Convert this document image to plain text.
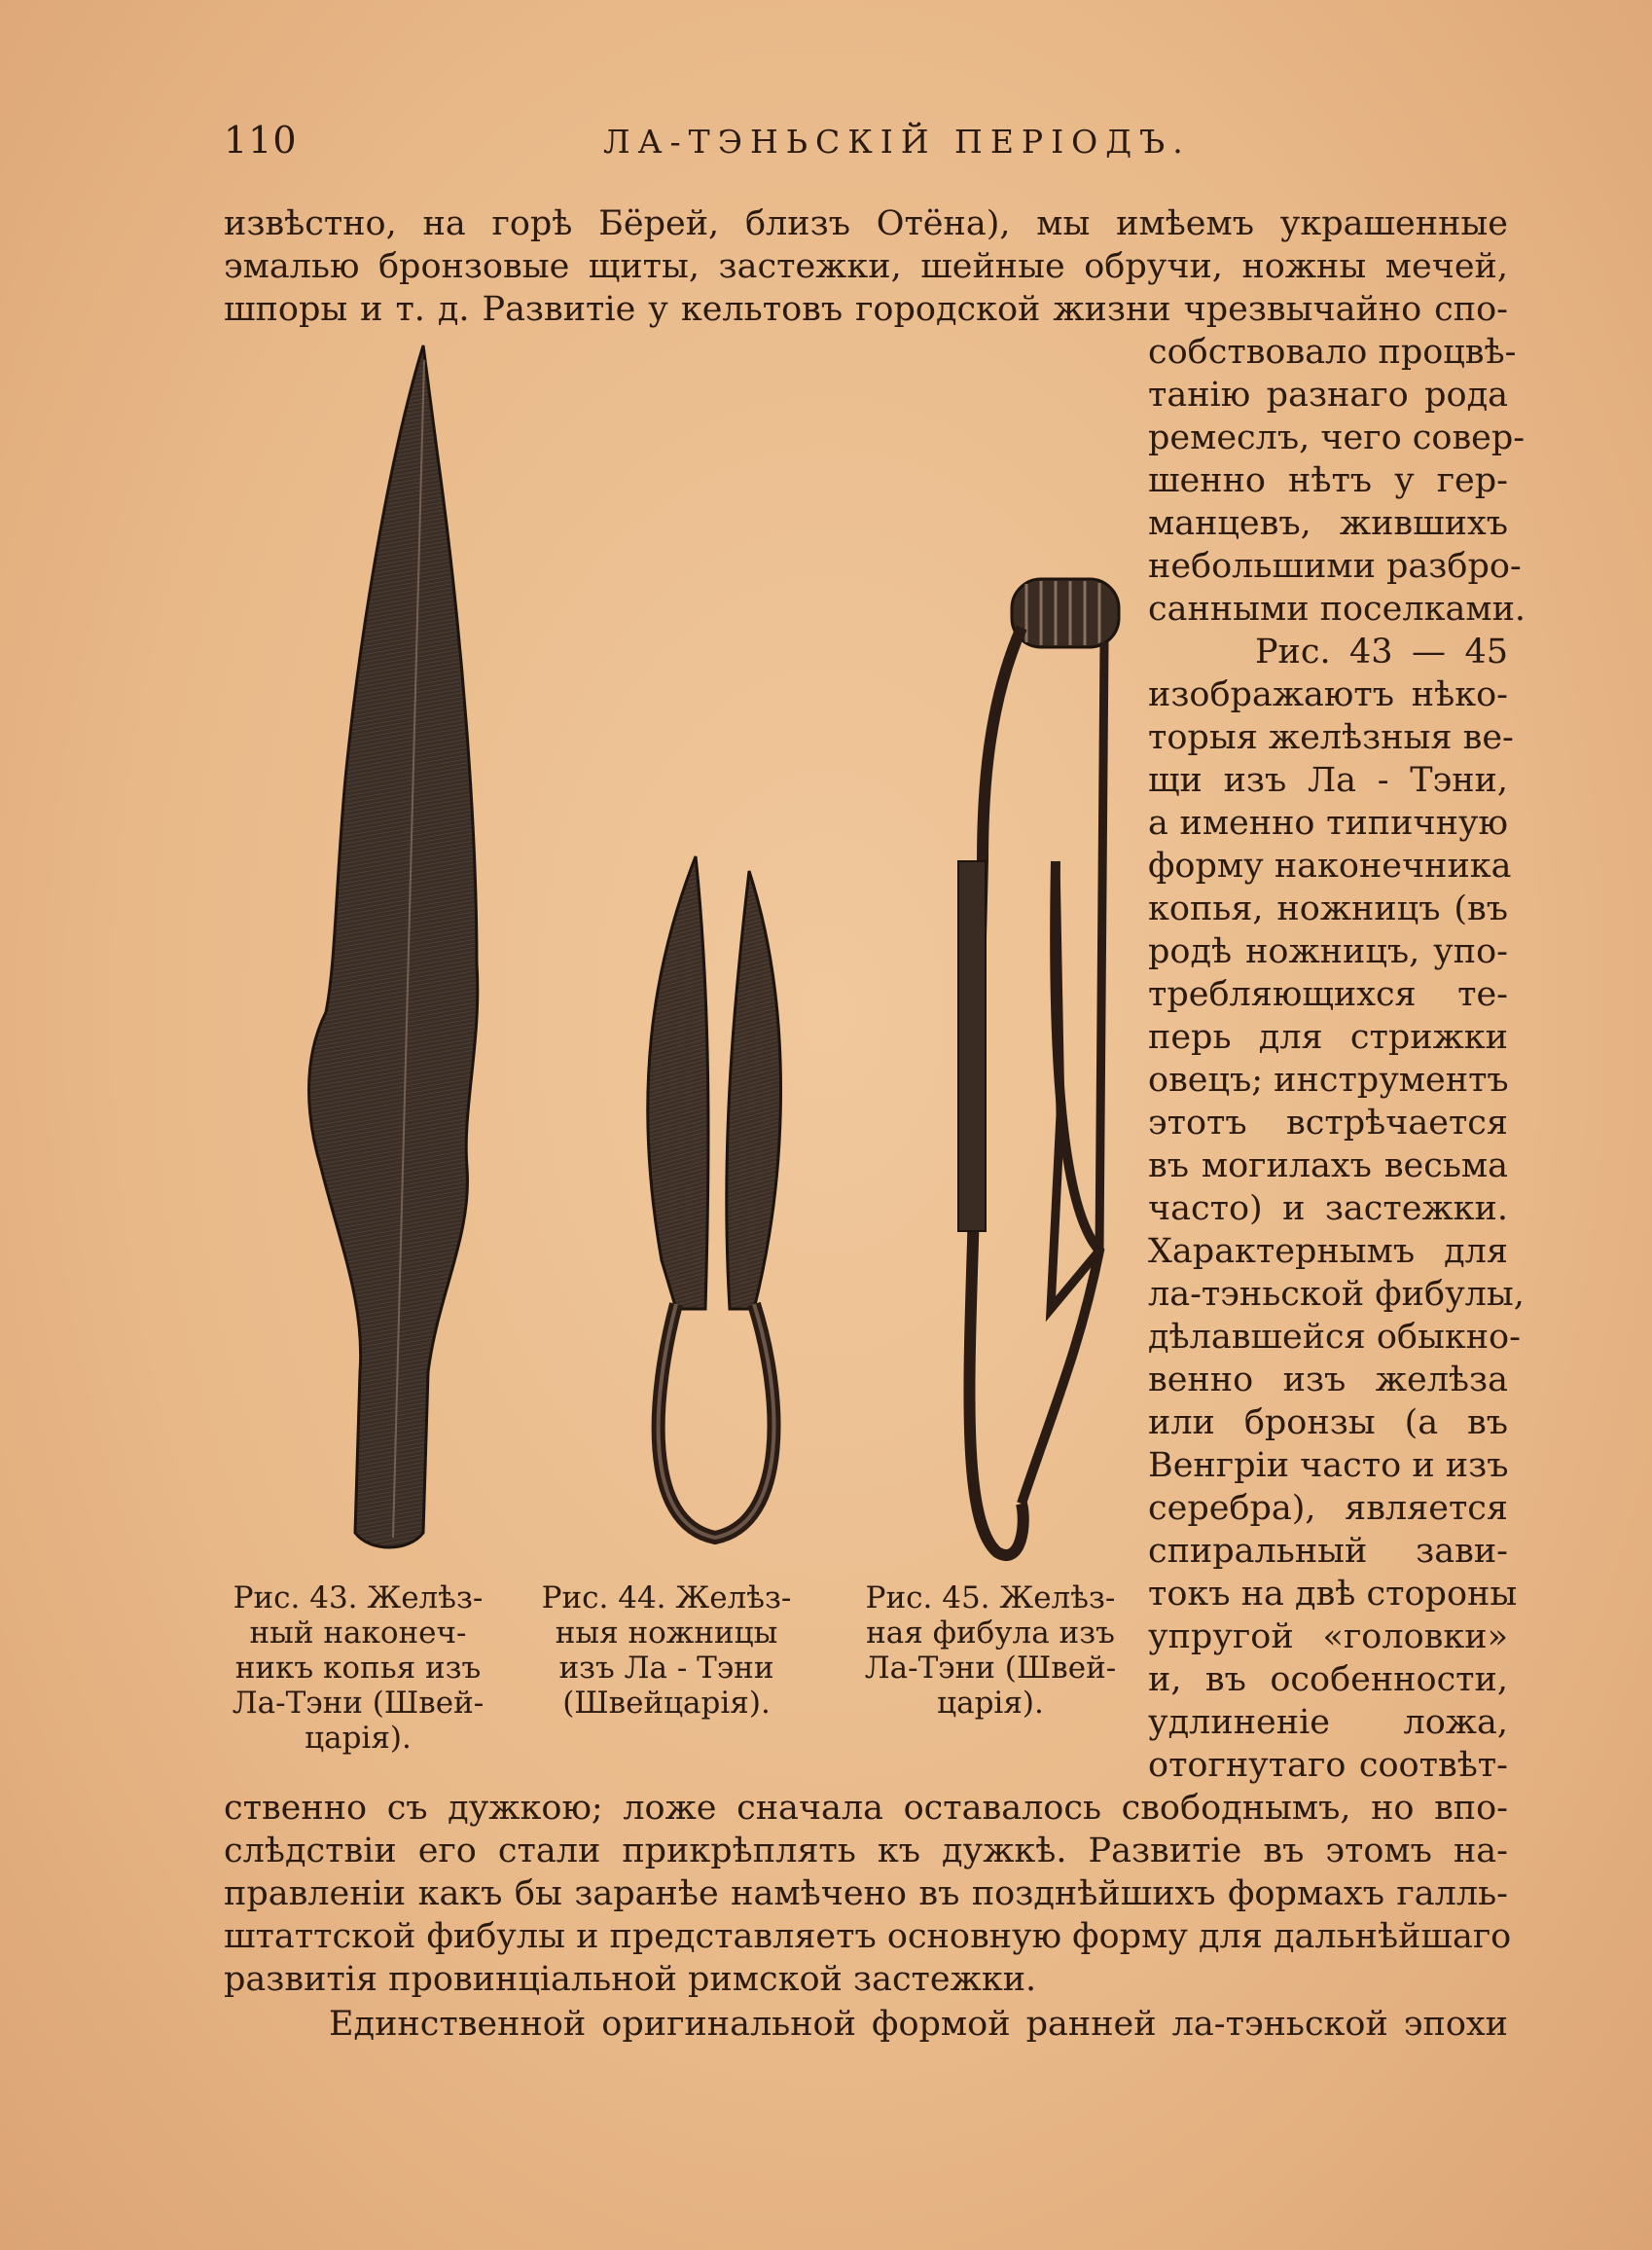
110	ЛА-ТЭНЬСКІЙ ПЕРІОДЪ.
извѣстно, на горѣ Бёрей, близъ Отёна), мы имѣемъ украшенные
эмалью бронзовые щиты, застежки, шейные обручи, ножны мечей,
шпоры и т. д. Развитіе у кельтовъ городской жизни чрезвычайно спо-
собствовало процвѣ-
танію разнаго рода
ремеслъ, чего совер-
шенно нѣтъ у гер-
манцевъ, жившихъ
небольшими разбро-
санными поселками.
Рис. 43 — 45
изображаютъ нѣко-
торыя желѣзныя ве-
щи изъ Ла - Тэни,
а именно типичную
форму наконечника
копья, ножницъ (въ
родѣ ножницъ, упо-
требляющихся те-
перь для стрижки
овецъ; инструментъ
этотъ встрѣчается
въ могилахъ весьма
часто) и застежки.
Характернымъ для
ла-тэньской фибулы,
дѣлавшейся обыкно-
венно изъ желѣза
или бронзы (а въ
Венгріи часто и изъ
серебра), является
спиральный зави-
токъ на двѣ стороны
упругой «головки»
и, въ особенности,
удлиненіе ложа,
отогнутаго соотвѣт-
ственно съ дужкою; ложе сначала оставалось свободнымъ, но впо-
слѣдствіи его стали прикрѣплять къ дужкѣ. Развитіе въ этомъ на-
правленіи какъ бы заранѣе намѣчено въ позднѣйшихъ формахъ галль-
штаттской фибулы и представляетъ основную форму для дальнѣйшаго
развитія провинціальной римской застежки.
Единственной оригинальной формой ранней ла-тэньской эпохи
Рис. 43. Желѣз-
ный наконеч-
никъ копья изъ
Ла-Тэни (Швей-
царія).
Рис. 44. Желѣз-
ныя ножницы
изъ Ла - Тэни
(Швейцарія).
Рис. 45. Желѣз-
ная фибула изъ
Ла-Тэни (Швей-
царія).
